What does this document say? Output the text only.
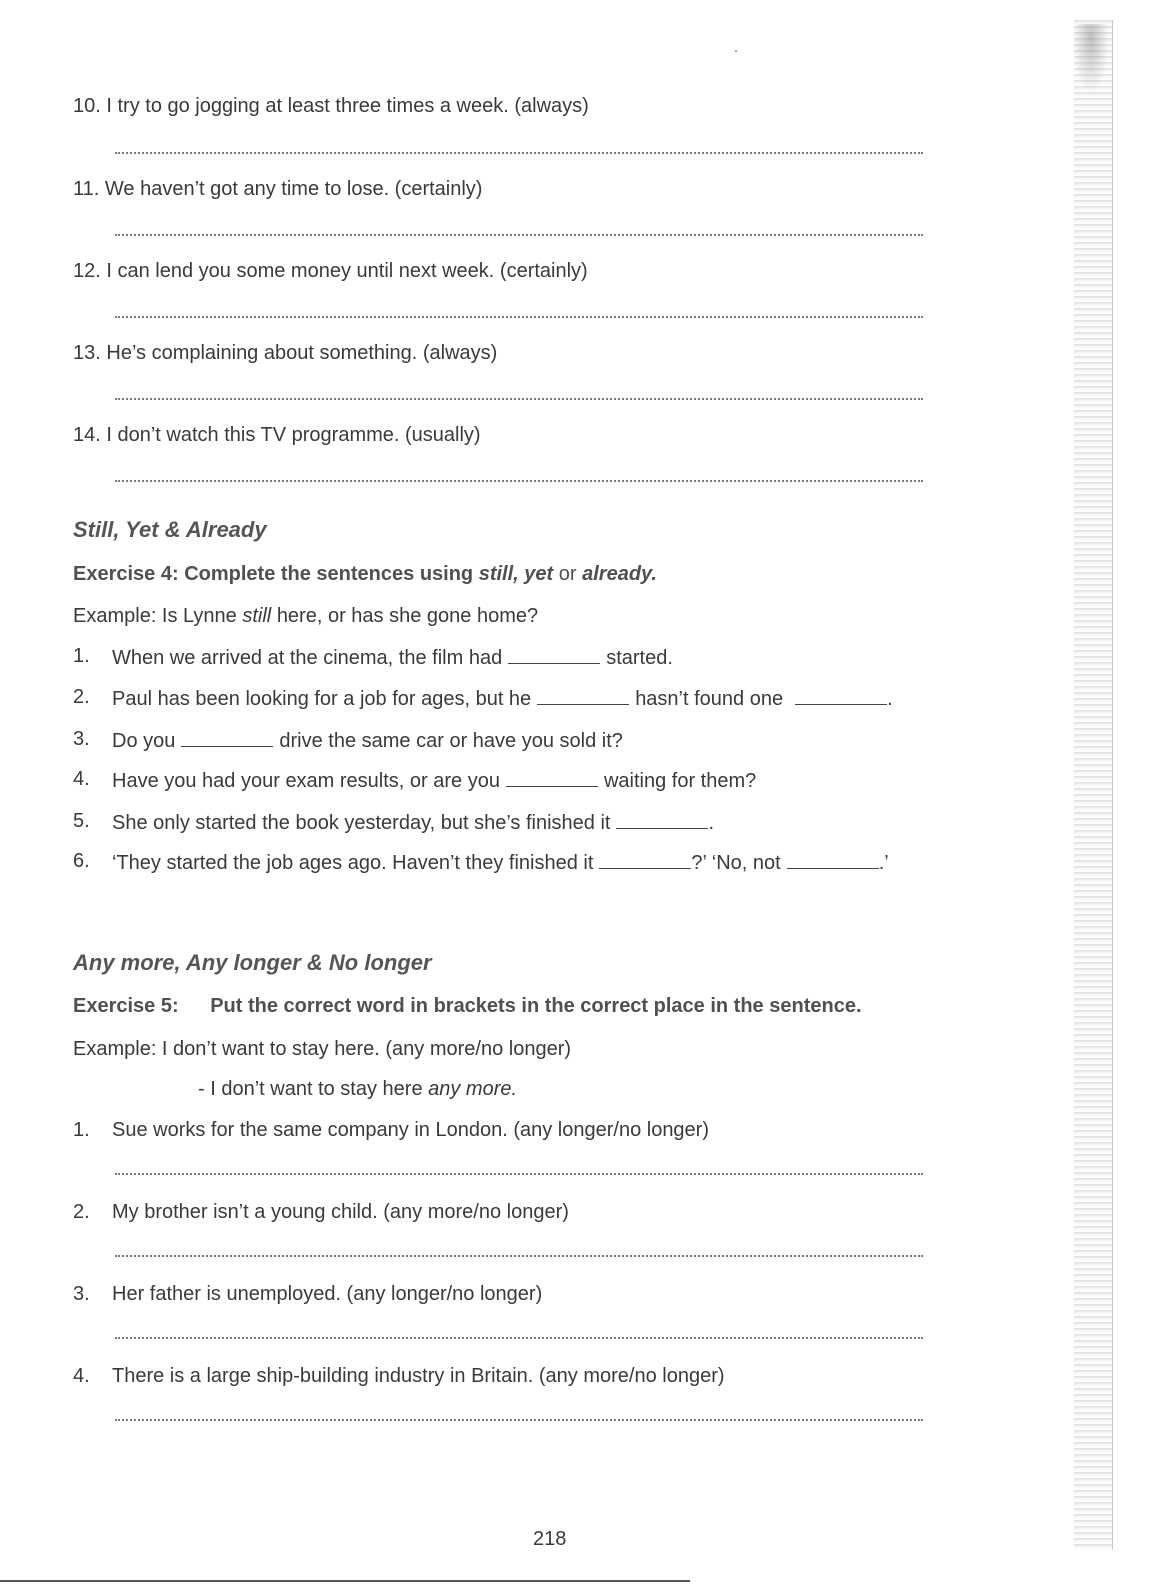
10. I try to go jogging at least three times a week. (always)
11. We haven’t got any time to lose. (certainly)
12. I can lend you some money until next week. (certainly)
13. He’s complaining about something. (always)
14. I don’t watch this TV programme. (usually)
Still, Yet & Already
Exercise 4: Complete the sentences using still, yet or already.
Example: Is Lynne still here, or has she gone home?
1. When we arrived at the cinema, the film had	started.
2. Paul has been looking for a job for ages, but he	hasn’t found one	.
3. Do you	drive the same car or have you sold it?
4. Have you had your exam results, or are you	waiting for them?
5. She only started the book yesterday, but she’s finished it	.
6. ‘They started the job ages ago. Haven’t they finished it	?’ ‘No, not	.’
Any more, Any longer & No longer
Exercise 5: Put the correct word in brackets in the correct place in the sentence.
Example: I don’t want to stay here. (any more/no longer)
- I don’t want to stay here any more.
1. Sue works for the same company in London. (any longer/no longer)
2. My brother isn’t a young child. (any more/no longer)
3. Her father is unemployed. (any longer/no longer)
4. There is a large ship-building industry in Britain. (any more/no longer)
218
